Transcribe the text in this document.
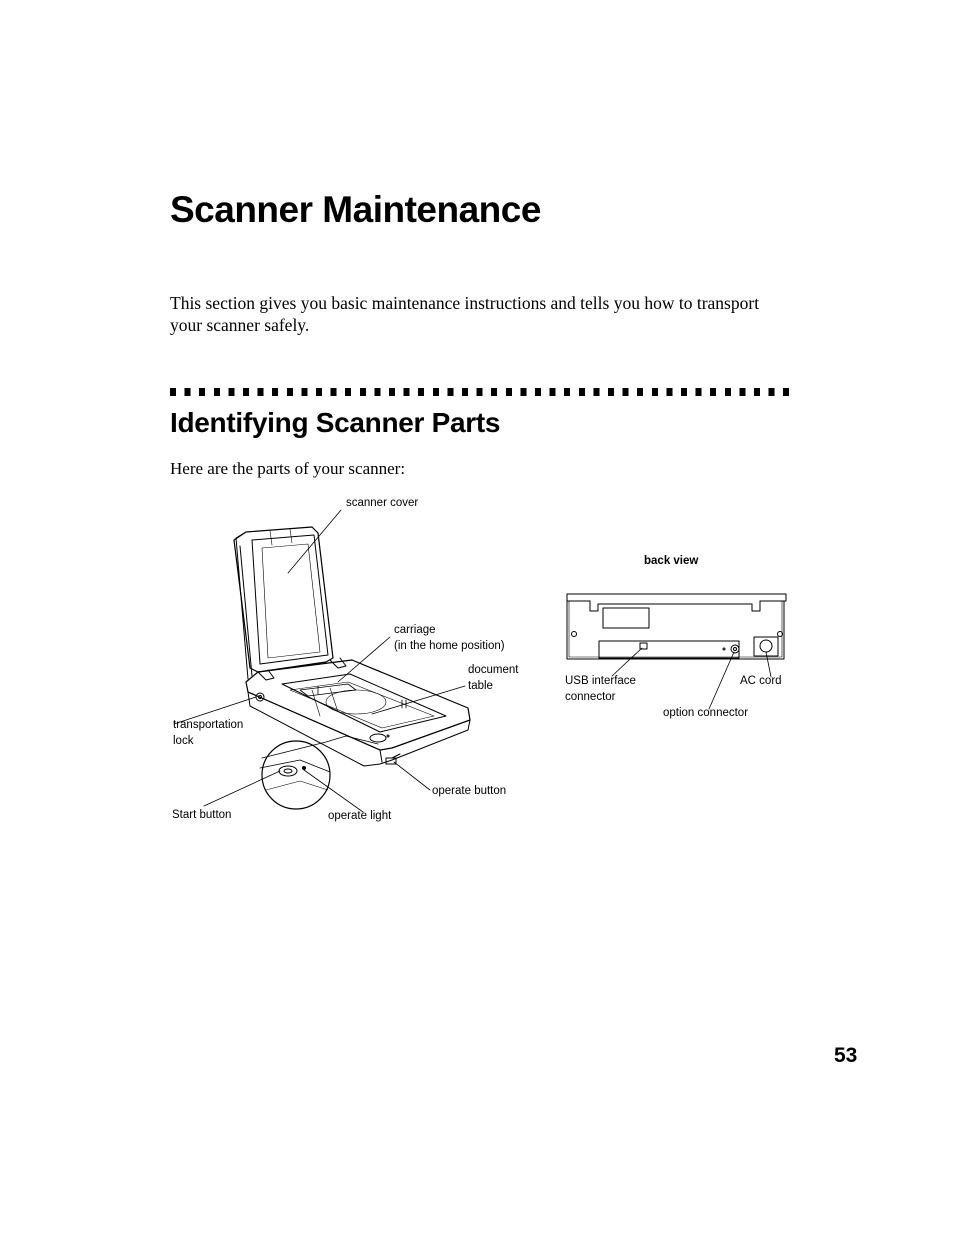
Scanner Maintenance

This section gives you basic maintenance instructions and tells you how to transport
your scanner safely.

Identifying Scanner Parts

Here are the parts of your scanner:

scanner cover

carriage
(in the home position)

document
table

transportation
lock

Start button	operate light

operate button

back view

USB interface
connector

AC cord

option connector

53
